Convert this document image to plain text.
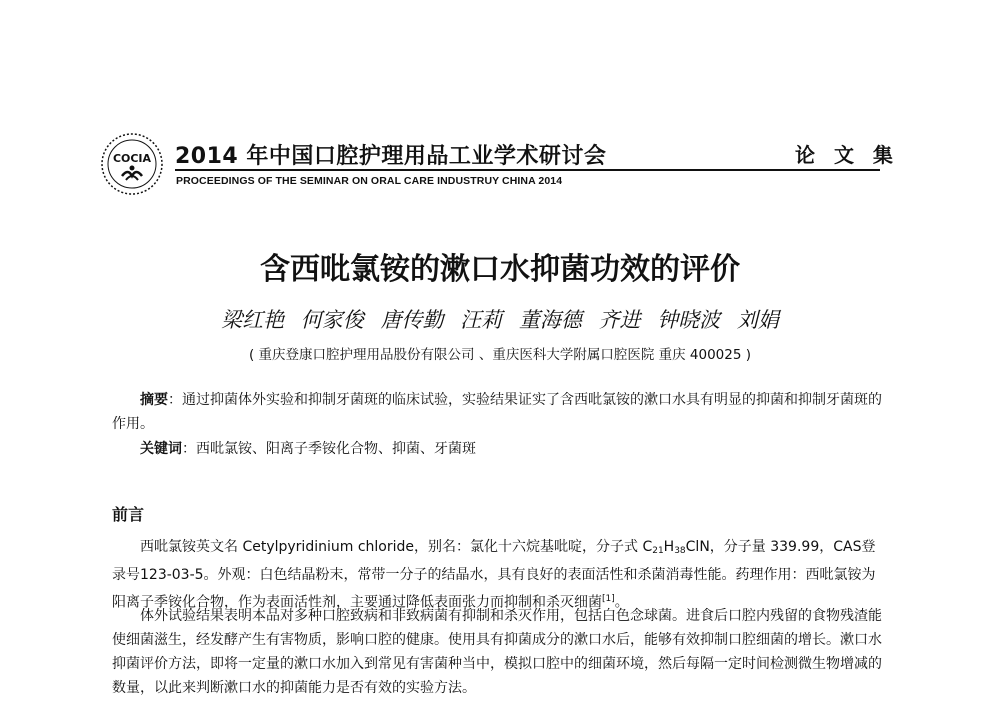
COCIA 2014 年中国口腔护理用品工业学术研讨会	论 文 集
PROCEEDINGS OF THE SEMINAR ON ORAL CARE INDUSTRUY CHINA 2014
含西吡氯铵的漱口水抑菌功效的评价
梁红艳 何家俊 唐传勤 汪莉 董海德 齐进 钟晓波 刘娟
( 重庆登康口腔护理用品股份有限公司 、重庆医科大学附属口腔医院 重庆 400025 )
摘要：通过抑菌体外实验和抑制牙菌斑的临床试验，实验结果证实了含西吡氯铵的漱口水具有明显的抑菌和抑制牙菌斑的作用。
关键词：西吡氯铵、阳离子季铵化合物、抑菌、牙菌斑
前言
西吡氯铵英文名 Cetylpyridinium chloride，别名：氯化十六烷基吡啶，分子式 $C_{21}H_{38}ClN$，分子量 339.99，CAS登录号123-03-5。外观：白色结晶粉末，常带一分子的结晶水，具有良好的表面活性和杀菌消毒性能。药理作用：西吡氯铵为阳离子季铵化合物，作为表面活性剂，主要通过降低表面张力而抑制和杀灭细菌[1]。
体外试验结果表明本品对多种口腔致病和非致病菌有抑制和杀灭作用，包括白色念球菌。进食后口腔内残留的食物残渣能使细菌滋生，经发酵产生有害物质，影响口腔的健康。使用具有抑菌成分的漱口水后，能够有效抑制口腔细菌的增长。漱口水抑菌评价方法，即将一定量的漱口水加入到常见有害菌种当中，模拟口腔中的细菌环境，然后每隔一定时间检测微生物增减的数量，以此来判断漱口水的抑菌能力是否有效的实验方法。
